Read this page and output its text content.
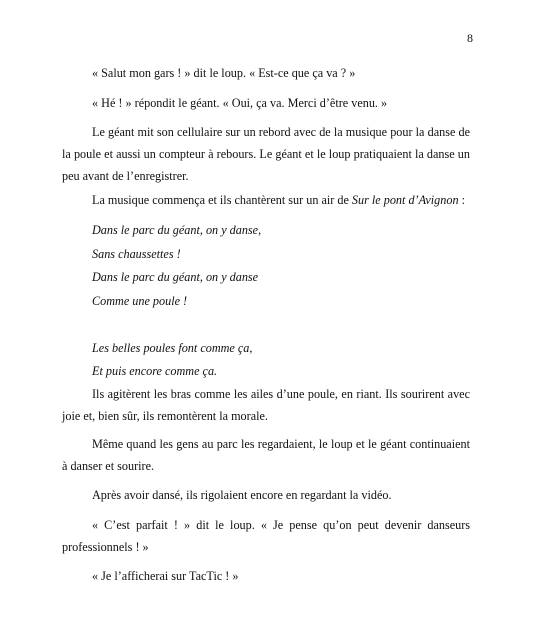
8
« Salut mon gars ! » dit le loup. « Est-ce que ça va ? »
« Hé ! » répondit le géant. « Oui, ça va. Merci d’être venu. »
Le géant mit son cellulaire sur un rebord avec de la musique pour la danse de la poule et aussi un compteur à rebours. Le géant et le loup pratiquaient la danse un peu avant de l’enregistrer.
La musique commença et ils chantèrent sur un air de Sur le pont d’Avignon :
Dans le parc du géant, on y danse,
Sans chaussettes !
Dans le parc du géant, on y danse
Comme une poule !
Les belles poules font comme ça,
Et puis encore comme ça.
Ils agitèrent les bras comme les ailes d’une poule, en riant. Ils sourirent avec joie et, bien sûr, ils remontèrent la morale.
Même quand les gens au parc les regardaient, le loup et le géant continuaient à danser et sourire.
Après avoir dansé, ils rigolaient encore en regardant la vidéo.
« C’est parfait ! » dit le loup. « Je pense qu’on peut devenir danseurs professionnels ! »
« Je l’afficherai sur TacTic ! »
